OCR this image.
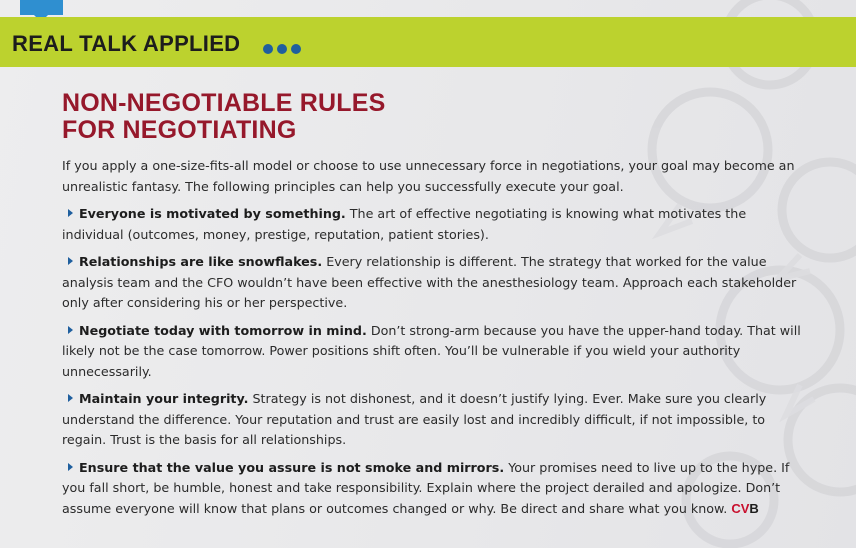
REAL TALK APPLIED
NON-NEGOTIABLE RULES
FOR NEGOTIATING

If you apply a one-size-fits-all model or choose to use unnecessary force in negotiations, your goal may become an unrealistic fantasy. The following principles can help you successfully execute your goal.

Everyone is motivated by something. The art of effective negotiating is knowing what motivates the individual (outcomes, money, prestige, reputation, patient stories).

Relationships are like snowflakes. Every relationship is different. The strategy that worked for the value analysis team and the CFO wouldn’t have been effective with the anesthesiology team. Approach each stakeholder only after considering his or her perspective.

Negotiate today with tomorrow in mind. Don’t strong-arm because you have the upper-hand today. That will likely not be the case tomorrow. Power positions shift often. You’ll be vulnerable if you wield your authority unnecessarily.

Maintain your integrity. Strategy is not dishonest, and it doesn’t justify lying. Ever. Make sure you clearly understand the difference. Your reputation and trust are easily lost and incredibly difficult, if not impossible, to regain. Trust is the basis for all relationships.

Ensure that the value you assure is not smoke and mirrors. Your promises need to live up to the hype. If you fall short, be humble, honest and take responsibility. Explain where the project derailed and apologize. Don’t assume everyone will know that plans or outcomes changed or why. Be direct and share what you know. CVB
